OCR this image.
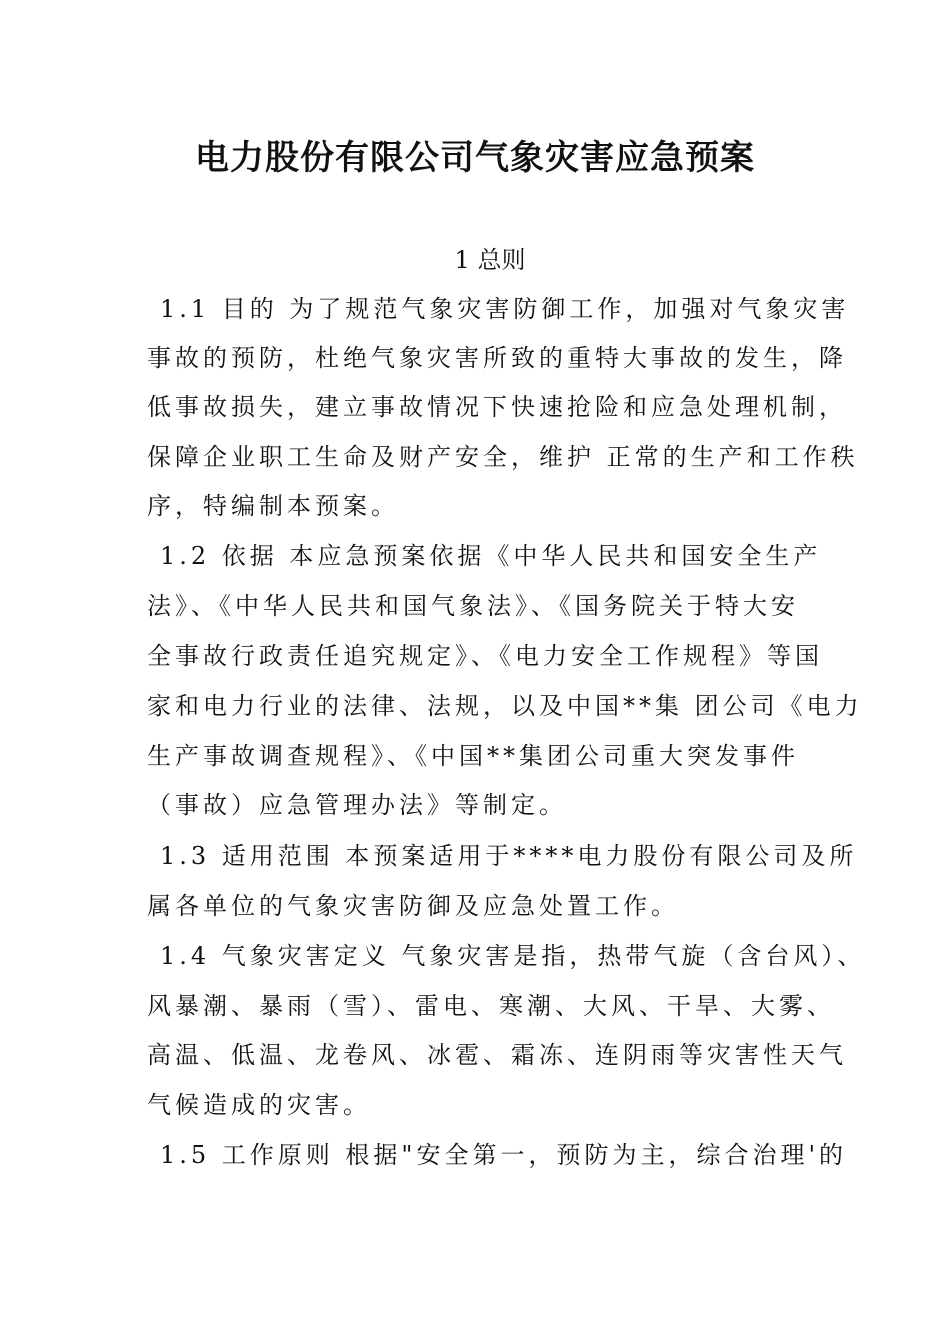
电力股份有限公司气象灾害应急预案
1 总则
1.1 目的 为了规范气象灾害防御工作，加强对气象灾害
事故的预防，杜绝气象灾害所致的重特大事故的发生，降
低事故损失，建立事故情况下快速抢险和应急处理机制，
保障企业职工生命及财产安全，维护 正常的生产和工作秩
序，特编制本预案。
1.2 依据 本应急预案依据《中华人民共和国安全生产
法》、《中华人民共和国气象法》、《国务院关于特大安
全事故行政责任追究规定》、《电力安全工作规程》等国
家和电力行业的法律、法规，以及中国**集 团公司《电力
生产事故调查规程》、《中国**集团公司重大突发事件
（事故）应急管理办法》等制定。
1.3 适用范围 本预案适用于****电力股份有限公司及所
属各单位的气象灾害防御及应急处置工作。
1.4 气象灾害定义 气象灾害是指，热带气旋（含台风）、
风暴潮、暴雨（雪）、雷电、寒潮、大风、干旱、大雾、
高温、低温、龙卷风、冰雹、霜冻、连阴雨等灾害性天气
气候造成的灾害。
1.5 工作原则 根据"安全第一，预防为主，综合治理'的
